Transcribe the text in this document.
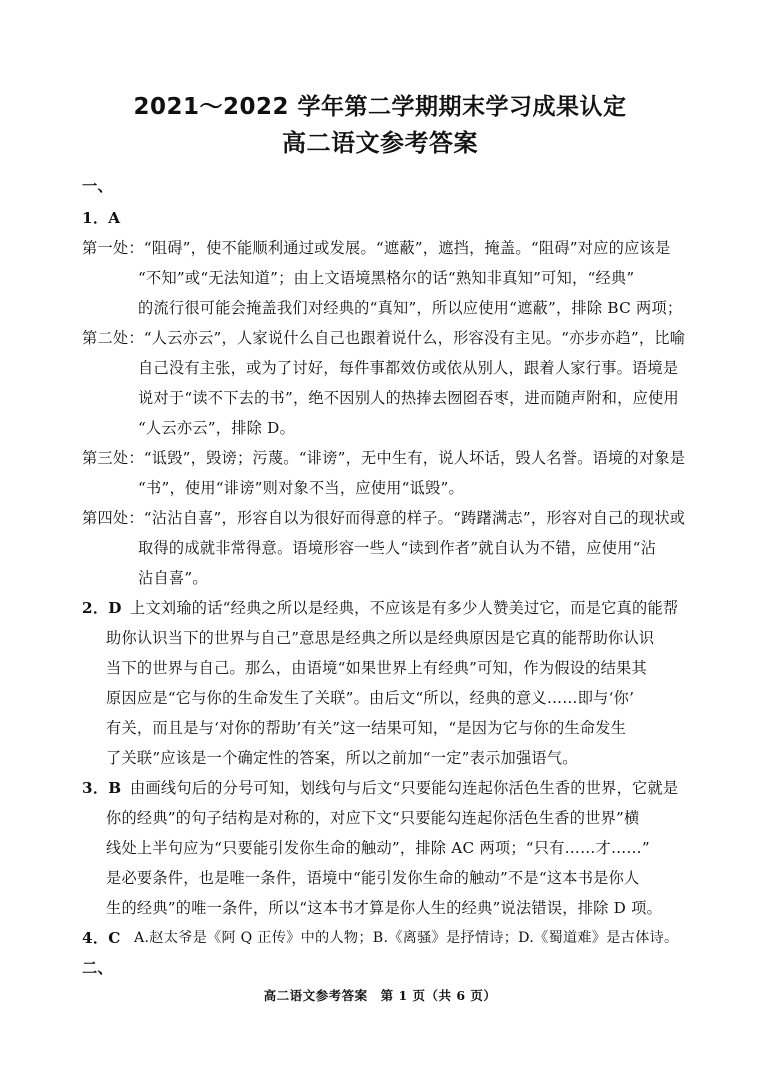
2021～2022 学年第二学期期末学习成果认定
高二语文参考答案
一、
1．A
第一处：“阻碍”，使不能顺利通过或发展。“遮蔽”，遮挡，掩盖。“阻碍”对应的应该是
“不知”或“无法知道”；由上文语境黑格尔的话“熟知非真知”可知，“经典”
的流行很可能会掩盖我们对经典的“真知”，所以应使用“遮蔽”，排除 BC 两项；
第二处：“人云亦云”，人家说什么自己也跟着说什么，形容没有主见。“亦步亦趋”，比喻
自己没有主张，或为了讨好，每件事都效仿或依从别人，跟着人家行事。语境是
说对于“读不下去的书”，绝不因别人的热捧去囫囵吞枣，进而随声附和，应使用
“人云亦云”，排除 D。
第三处：“诋毁”，毁谤；污蔑。“诽谤”，无中生有，说人坏话，毁人名誉。语境的对象是
“书”，使用“诽谤”则对象不当，应使用“诋毁”。
第四处：“沾沾自喜”，形容自以为很好而得意的样子。“踌躇满志”，形容对自己的现状或
取得的成就非常得意。语境形容一些人“读到作者”就自认为不错，应使用“沾
沾自喜”。
2．D 上文刘瑜的话“经典之所以是经典，不应该是有多少人赞美过它，而是它真的能帮
助你认识当下的世界与自己”意思是经典之所以是经典原因是它真的能帮助你认识
当下的世界与自己。那么，由语境“如果世界上有经典”可知，作为假设的结果其
原因应是“它与你的生命发生了关联”。由后文“所以，经典的意义……即与‘你’
有关，而且是与‘对你的帮助’有关”这一结果可知，“是因为它与你的生命发生
了关联”应该是一个确定性的答案，所以之前加“一定”表示加强语气。
3．B 由画线句后的分号可知，划线句与后文“只要能勾连起你活色生香的世界，它就是
你的经典”的句子结构是对称的，对应下文“只要能勾连起你活色生香的世界”横
线处上半句应为“只要能引发你生命的触动”，排除 AC 两项；“只有……才……”
是必要条件，也是唯一条件，语境中“能引发你生命的触动”不是“这本书是你人
生的经典”的唯一条件，所以“这本书才算是你人生的经典”说法错误，排除 D 项。
4．C A.赵太爷是《阿 Q 正传》中的人物；B.《离骚》是抒情诗；D.《蜀道难》是古体诗。
二、
高二语文参考答案　第 1 页（共 6 页）
